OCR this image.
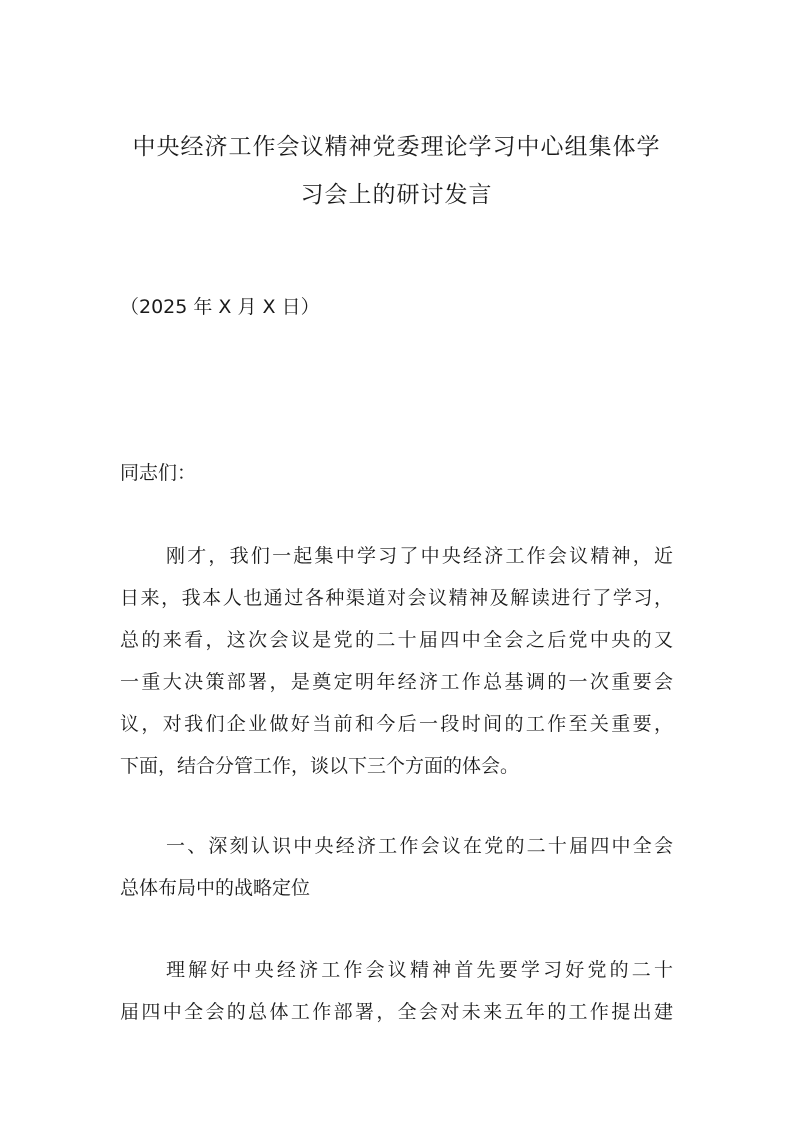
中央经济工作会议精神党委理论学习中心组集体学
习会上的研讨发言
（2025 年 X 月 X 日）
同志们：
刚才，我们一起集中学习了中央经济工作会议精神，近
日来，我本人也通过各种渠道对会议精神及解读进行了学习，
总的来看，这次会议是党的二十届四中全会之后党中央的又
一重大决策部署，是奠定明年经济工作总基调的一次重要会
议，对我们企业做好当前和今后一段时间的工作至关重要，
下面，结合分管工作，谈以下三个方面的体会。
一、深刻认识中央经济工作会议在党的二十届四中全会
总体布局中的战略定位
理解好中央经济工作会议精神首先要学习好党的二十
届四中全会的总体工作部署，全会对未来五年的工作提出建
